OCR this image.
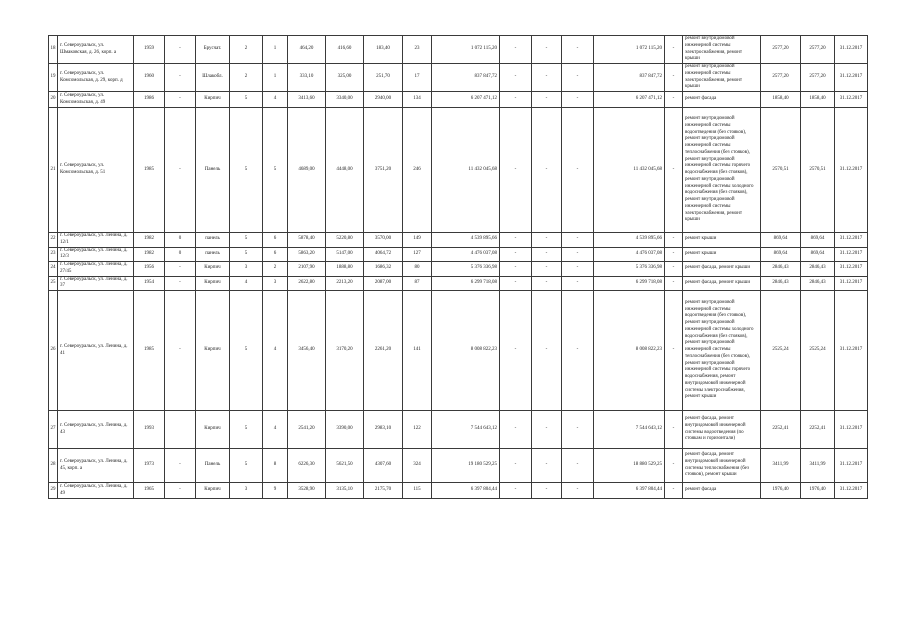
18	г. Североуральск, ул. Шмаковская, д. 26, корп. а	1959	-	Брусчат.	2	1	464,20	416,60	183,40	23	1 072 115,20	-	-	-	1 072 115,20	-	ремонт внутридомовой инженерной системы электроснабжения, ремонт крыши	2577,20	2577,20	31.12.2017
19	г. Североуральск, ул. Комсомольская, д. 29, корп. д	1960	-	Шлакобл.	2	1	333,10	325,00	251,70	17	837 847,72	-	-	-	837 847,72	-	ремонт внутридомовой инженерной системы электроснабжения, ремонт крыши	2577,20	2577,20	31.12.2017
20	г. Североуральск, ул. Комсомольская, д. 49	1986	-	Кирпич	5	4	3413,60	3340,00	2940,00	134	6 207 471,12	-	-	-	6 207 471,12	-	ремонт фасада	1858,40	1858,40	31.12.2017
21	г. Североуральск, ул. Комсомольская, д. 51	1985	-	Панель	5	5	4689,00	4448,00	3751,20	246	11 432 045,68	-	-	-	11 432 045,68	-	ремонт внутридомовой инженерной системы водоотведения (без стояков), ремонт внутридомовой инженерной системы теплоснабжения (без стояков), ремонт внутридомовой инженерной системы горячего водоснабжения (без стояков), ремонт внутридомовой инженерной системы холодного водоснабжения (без стояков), ремонт внутридомовой инженерной системы электроснабжения, ремонт крыши	2570,51	2570,51	31.12.2017
22	г. Североуральск, ул. Ленина, д. 12/1	1982	0	панель	5	6	5878,40	5220,80	3570,00	149	4 539 895,66	-	-	-	4 539 895,66	-	ремонт крыши	869,64	869,64	31.12.2017
23	г. Североуральск, ул. Ленина, д. 12/3	1982	0	панель	5	6	5863,20	5147,00	4064,72	127	4 476 037,08	-	-	-	4 476 037,08	-	ремонт крыши	869,64	869,64	31.12.2017
24	г. Североуральск, ул. Ленина, д. 27/45	1956	-	Кирпич	3	2	2107,90	1888,80	1686,32	80	5 376 336,98	-	-	-	5 376 336,98	-	ремонт фасада, ремонт крыши	2846,43	2846,43	31.12.2017
25	г. Североуральск, ул. Ленина, д. 37	1954	-	Кирпич	4	3	2622,80	2213,20	2087,00	87	6 299 718,08	-	-	-	6 299 718,08	-	ремонт фасада, ремонт крыши	2846,43	2846,43	31.12.2017
26	г. Североуральск, ул. Ленина, д. 41	1985	-	Кирпич	5	4	3456,40	3170,20	2261,20	141	8 008 822,23	-	-	-	8 008 822,23	-	ремонт внутридомовой инженерной системы водоотведения (без стояков), ремонт внутридомовой инженерной системы холодного водоснабжения (без стояков), ремонт внутридомовой инженерной системы теплоснабжения (без стояков), ремонт внутридомовой инженерной системы горячего водоснабжения, ремонт внутридомовой инженерной системы электроснабжения, ремонт крыши	2525,24	2525,24	31.12.2017
27	г. Североуральск, ул. Ленина, д. 43	1993		Кирпич	5	4	2541,20	3390,00	2983,10	122	7 544 643,12	-	-	-	7 544 643,12	-	ремонт фасада, ремонт внутридомовой инженерной системы водоотведения (по стоякам и горизонтали)	2252,41	2252,41	31.12.2017
28	г. Североуральск, ул. Ленина, д. 45, корп. а	1973	-	Панель	5	8	6226,30	5621,50	4307,60	324	19 180 529,25	-	-	-	18 880 529,25	-	ремонт фасада, ремонт внутридомовой инженерной системы теплоснабжения (без стояков), ремонт крыши	3411,99	3411,99	31.12.2017
29	г. Североуральск, ул. Ленина, д. 49	1965	-	Кирпич	3	9	3528,90	3135,10	2175,70	115	6 397 804,44	-	-	-	6 397 804,44	-	ремонт фасада	1976,40	1976,40	31.12.2017
